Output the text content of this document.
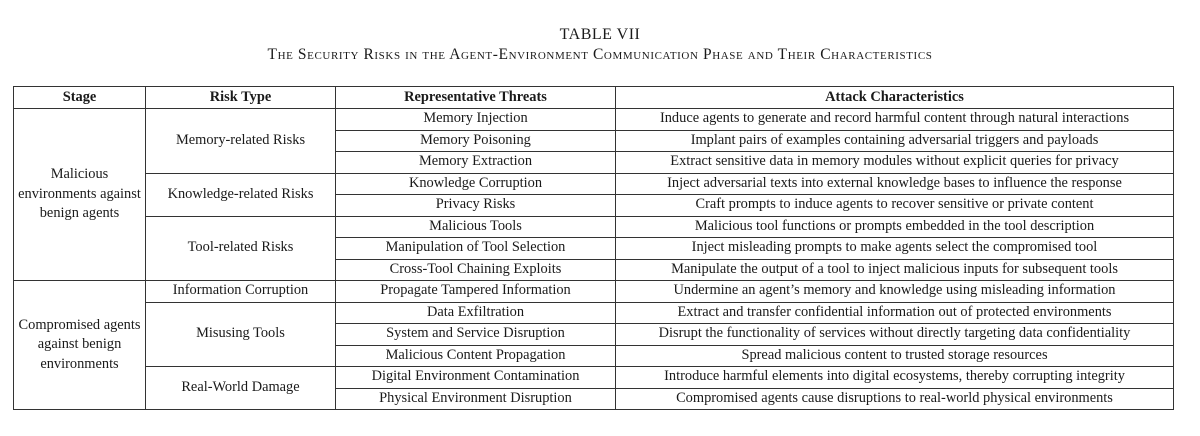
TABLE VII
The Security Risks in the Agent-Environment Communication Phase and Their Characteristics
Stage	Risk Type	Representative Threats	Attack Characteristics
Malicious environments against benign agents	Memory-related Risks	Memory Injection	Induce agents to generate and record harmful content through natural interactions
		Memory Poisoning	Implant pairs of examples containing adversarial triggers and payloads
		Memory Extraction	Extract sensitive data in memory modules without explicit queries for privacy
	Knowledge-related Risks	Knowledge Corruption	Inject adversarial texts into external knowledge bases to influence the response
		Privacy Risks	Craft prompts to induce agents to recover sensitive or private content
	Tool-related Risks	Malicious Tools	Malicious tool functions or prompts embedded in the tool description
		Manipulation of Tool Selection	Inject misleading prompts to make agents select the compromised tool
		Cross-Tool Chaining Exploits	Manipulate the output of a tool to inject malicious inputs for subsequent tools
Compromised agents against benign environments	Information Corruption	Propagate Tampered Information	Undermine an agent’s memory and knowledge using misleading information
	Misusing Tools	Data Exfiltration	Extract and transfer confidential information out of protected environments
		System and Service Disruption	Disrupt the functionality of services without directly targeting data confidentiality
		Malicious Content Propagation	Spread malicious content to trusted storage resources
	Real-World Damage	Digital Environment Contamination	Introduce harmful elements into digital ecosystems, thereby corrupting integrity
		Physical Environment Disruption	Compromised agents cause disruptions to real-world physical environments
